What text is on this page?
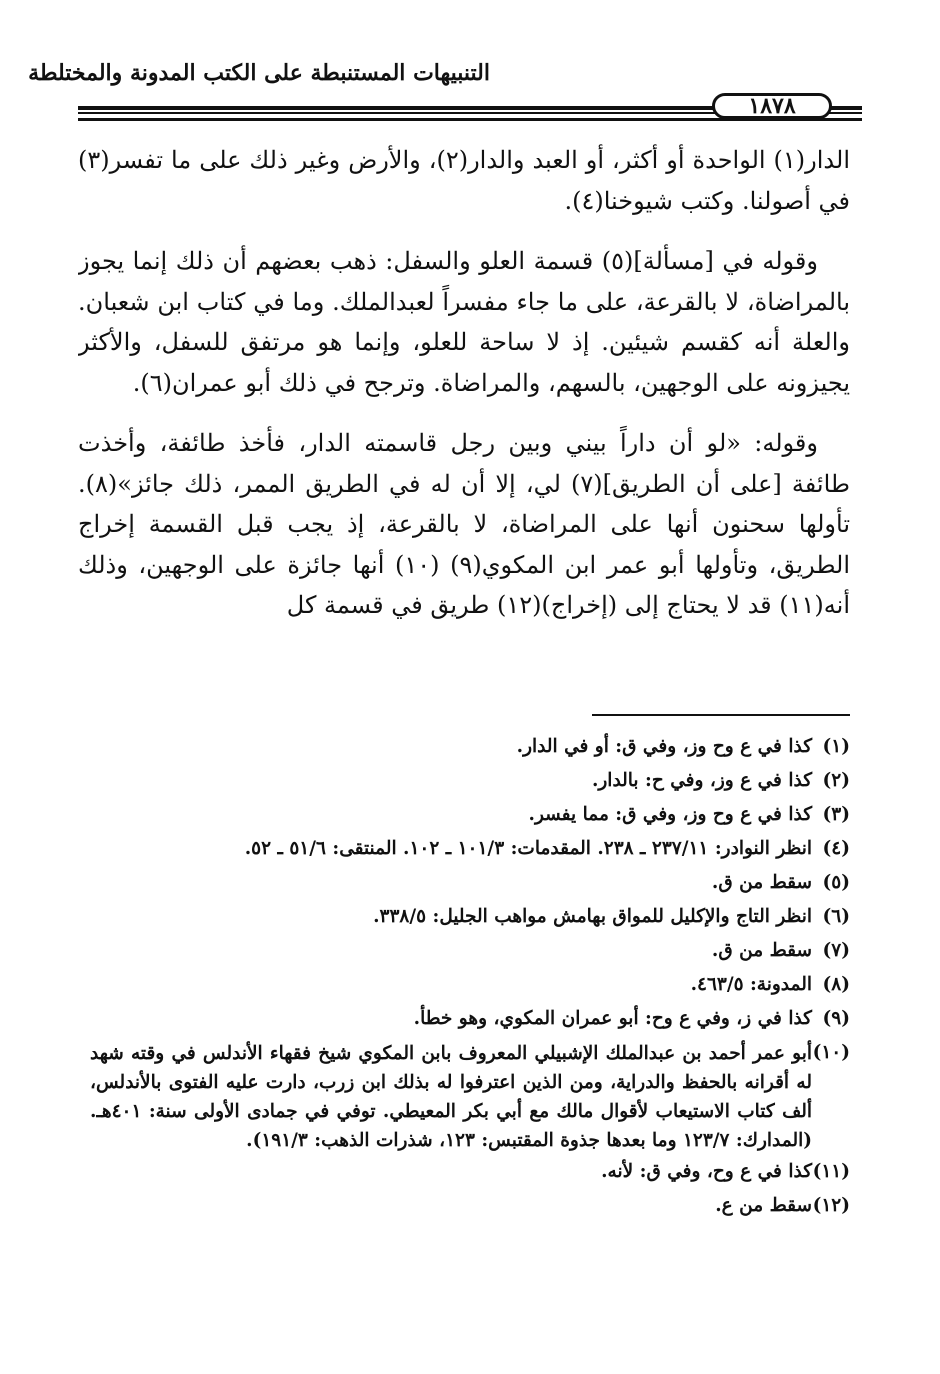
التنبيهات المستنبطة على الكتب المدونة والمختلطة
١٨٧٨

الدار(١) الواحدة أو أكثر، أو العبد والدار(٢)، والأرض وغير ذلك على ما تفسر(٣) في أصولنا. وكتب شيوخنا(٤).

وقوله في [مسألة](٥) قسمة العلو والسفل: ذهب بعضهم أن ذلك إنما يجوز بالمراضاة، لا بالقرعة، على ما جاء مفسراً لعبدالملك. وما في كتاب ابن شعبان. والعلة أنه كقسم شيئين. إذ لا ساحة للعلو، وإنما هو مرتفق للسفل، والأكثر يجيزونه على الوجهين، بالسهم، والمراضاة. وترجح في ذلك أبو عمران(٦).

وقوله: «لو أن داراً بيني وبين رجل قاسمته الدار، فأخذ طائفة، وأخذت طائفة [على أن الطريق](٧) لي، إلا أن له في الطريق الممر، ذلك جائز»(٨). تأولها سحنون أنها على المراضاة، لا بالقرعة، إذ يجب قبل القسمة إخراج الطريق، وتأولها أبو عمر ابن المكوي(٩) (١٠) أنها جائزة على الوجهين، وذلك أنه(١١) قد لا يحتاج إلى (إخراج)(١٢) طريق في قسمة كل

(١)
كذا في ع وح وز، وفي ق: أو في الدار.
(٢)
كذا في ع وز، وفي ح: بالدار.
(٣)
كذا في ع وح وز، وفي ق: مما يفسر.
(٤)
انظر النوادر: ٢٣٧/١١ ـ ٢٣٨. المقدمات: ١٠١/٣ ـ ١٠٢. المنتقى: ٥١/٦ ـ ٥٢.
(٥)
سقط من ق.
(٦)
انظر التاج والإكليل للمواق بهامش مواهب الجليل: ٣٣٨/٥.
(٧)
سقط من ق.
(٨)
المدونة: ٤٦٣/٥.
(٩)
كذا في ز، وفي ع وح: أبو عمران المكوي، وهو خطأ.
(١٠)
أبو عمر أحمد بن عبدالملك الإشبيلي المعروف بابن المكوي شيخ فقهاء الأندلس في وقته شهد له أقرانه بالحفظ والدراية، ومن الذين اعترفوا له بذلك ابن زرب، دارت عليه الفتوى بالأندلس، ألف كتاب الاستيعاب لأقوال مالك مع أبي بكر المعيطي. توفي في جمادى الأولى سنة: ٤٠١هـ. (المدارك: ١٢٣/٧ وما بعدها جذوة المقتبس: ١٢٣، شذرات الذهب: ١٩١/٣).
(١١)
كذا في ع وح، وفي ق: لأنه.
(١٢)
سقط من ع.
